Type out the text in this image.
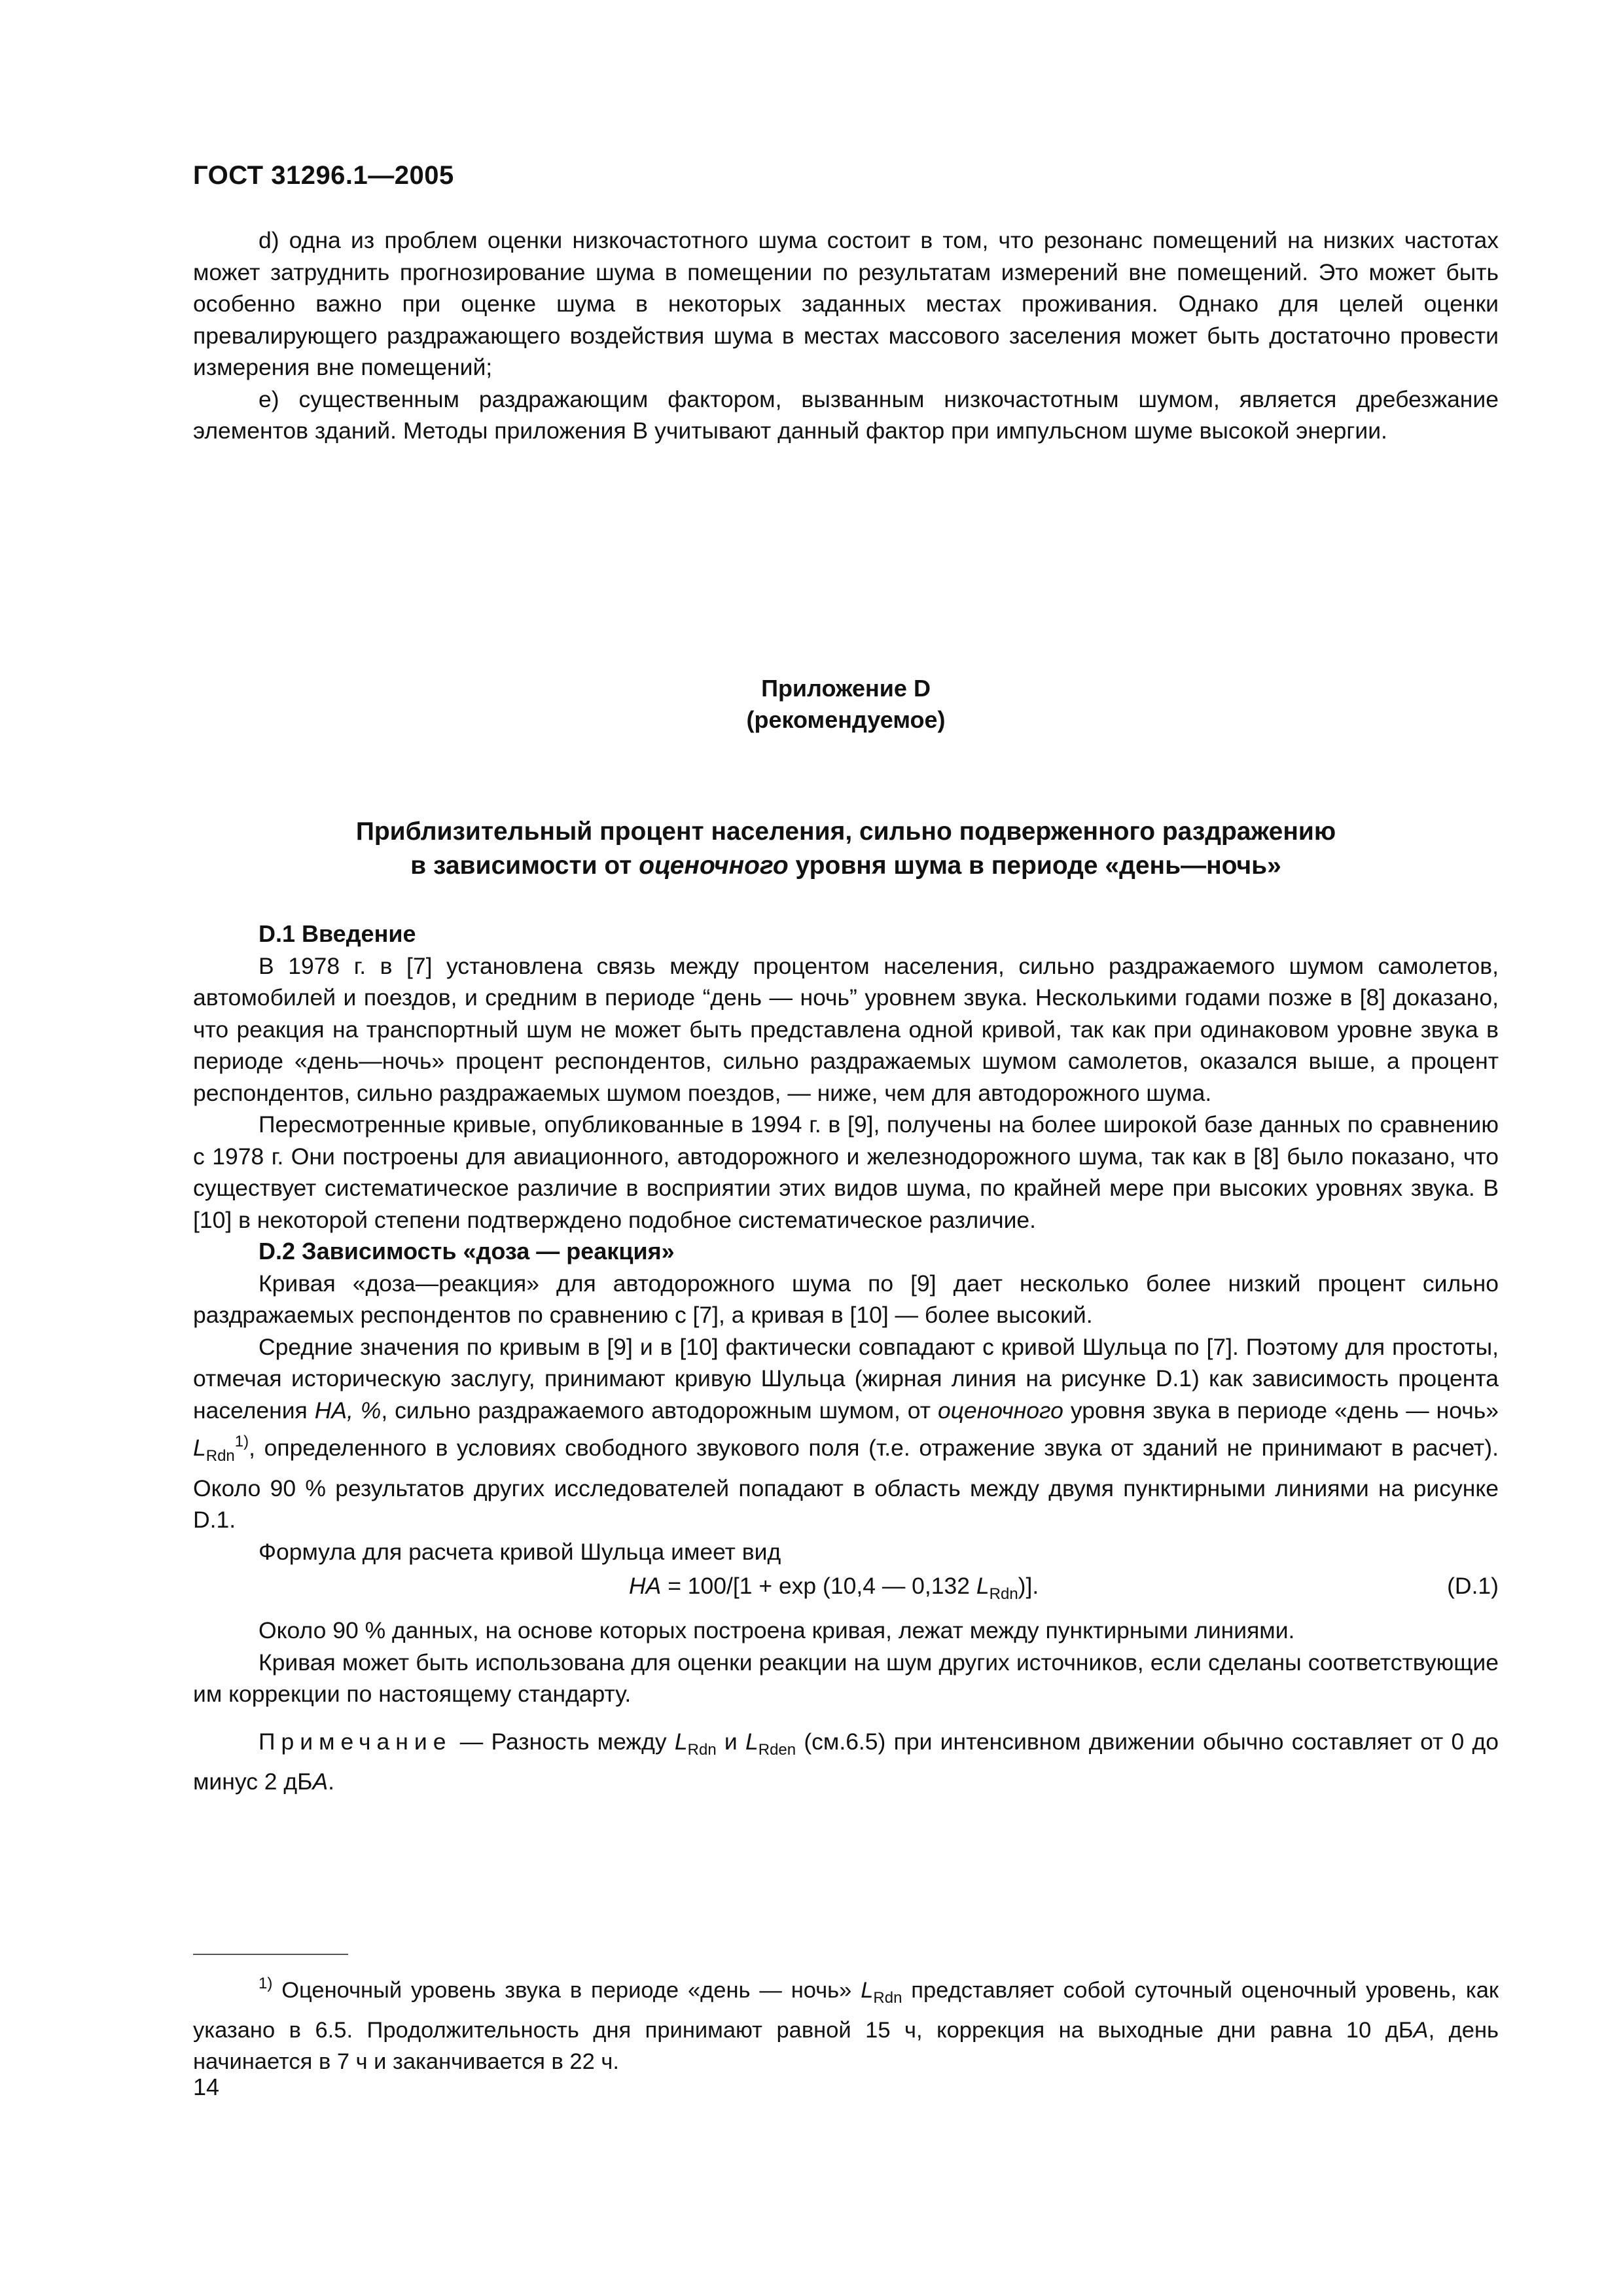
ГОСТ 31296.1—2005

d) одна из проблем оценки низкочастотного шума состоит в том, что резонанс помещений на низких частотах может затруднить прогнозирование шума в помещении по результатам измерений вне помещений. Это может быть особенно важно при оценке шума в некоторых заданных местах проживания. Однако для целей оценки превалирующего раздражающего воздействия шума в местах массового заселения может быть достаточно провести измерения вне помещений;

е) существенным раздражающим фактором, вызванным низкочастотным шумом, является дребезжание элементов зданий. Методы приложения В учитывают данный фактор при импульсном шуме высокой энергии.

Приложение D
(рекомендуемое)
Приблизительный процент населения, сильно подверженного раздражению
в зависимости от оценочного уровня шума в периоде «день—ночь»

D.1 Введение

В 1978 г. в [7] установлена связь между процентом населения, сильно раздражаемого шумом самолетов, автомобилей и поездов, и средним в периоде “день — ночь” уровнем звука. Несколькими годами позже в [8] доказано, что реакция на транспортный шум не может быть представлена одной кривой, так как при одинаковом уровне звука в периоде «день—ночь» процент респондентов, сильно раздражаемых шумом самолетов, оказался выше, а процент респондентов, сильно раздражаемых шумом поездов, — ниже, чем для автодорожного шума.

Пересмотренные кривые, опубликованные в 1994 г. в [9], получены на более широкой базе данных по сравнению с 1978 г. Они построены для авиационного, автодорожного и железнодорожного шума, так как в [8] было показано, что существует систематическое различие в восприятии этих видов шума, по крайней мере при высоких уровнях звука. В [10] в некоторой степени подтверждено подобное систематическое различие.

D.2 Зависимость «доза — реакция»

Кривая «доза—реакция» для автодорожного шума по [9] дает несколько более низкий процент сильно раздражаемых респондентов по сравнению с [7], а кривая в [10] — более высокий.

Средние значения по кривым в [9] и в [10] фактически совпадают с кривой Шульца по [7]. Поэтому для простоты, отмечая историческую заслугу, принимают кривую Шульца (жирная линия на рисунке D.1) как зависимость процента населения HA, %, сильно раздражаемого автодорожным шумом, от оценочного уровня звука в периоде «день — ночь» $L_{Rdn}^{1)}$, определенного в условиях свободного звукового поля (т.е. отражение звука от зданий не принимают в расчет). Около 90 % результатов других исследователей попадают в область между двумя пунктирными линиями на рисунке D.1.

Формула для расчета кривой Шульца имеет вид

HA = 100/[1 + exp (10,4 — 0,132 $L_{Rdn}$)].	(D.1)

Около 90 % данных, на основе которых построена кривая, лежат между пунктирными линиями.

Кривая может быть использована для оценки реакции на шум других источников, если сделаны соответствующие им коррекции по настоящему стандарту.

Примечание — Разность между $L_{Rdn}$ и $L_{Rden}$ (см.6.5) при интенсивном движении обычно составляет от 0 до минус 2 дБA.

$^{1)}$ Оценочный уровень звука в периоде «день — ночь» $L_{Rdn}$ представляет собой суточный оценочный уровень, как указано в 6.5. Продолжительность дня принимают равной 15 ч, коррекция на выходные дни равна 10 дБA, день начинается в 7 ч и заканчивается в 22 ч.
14
